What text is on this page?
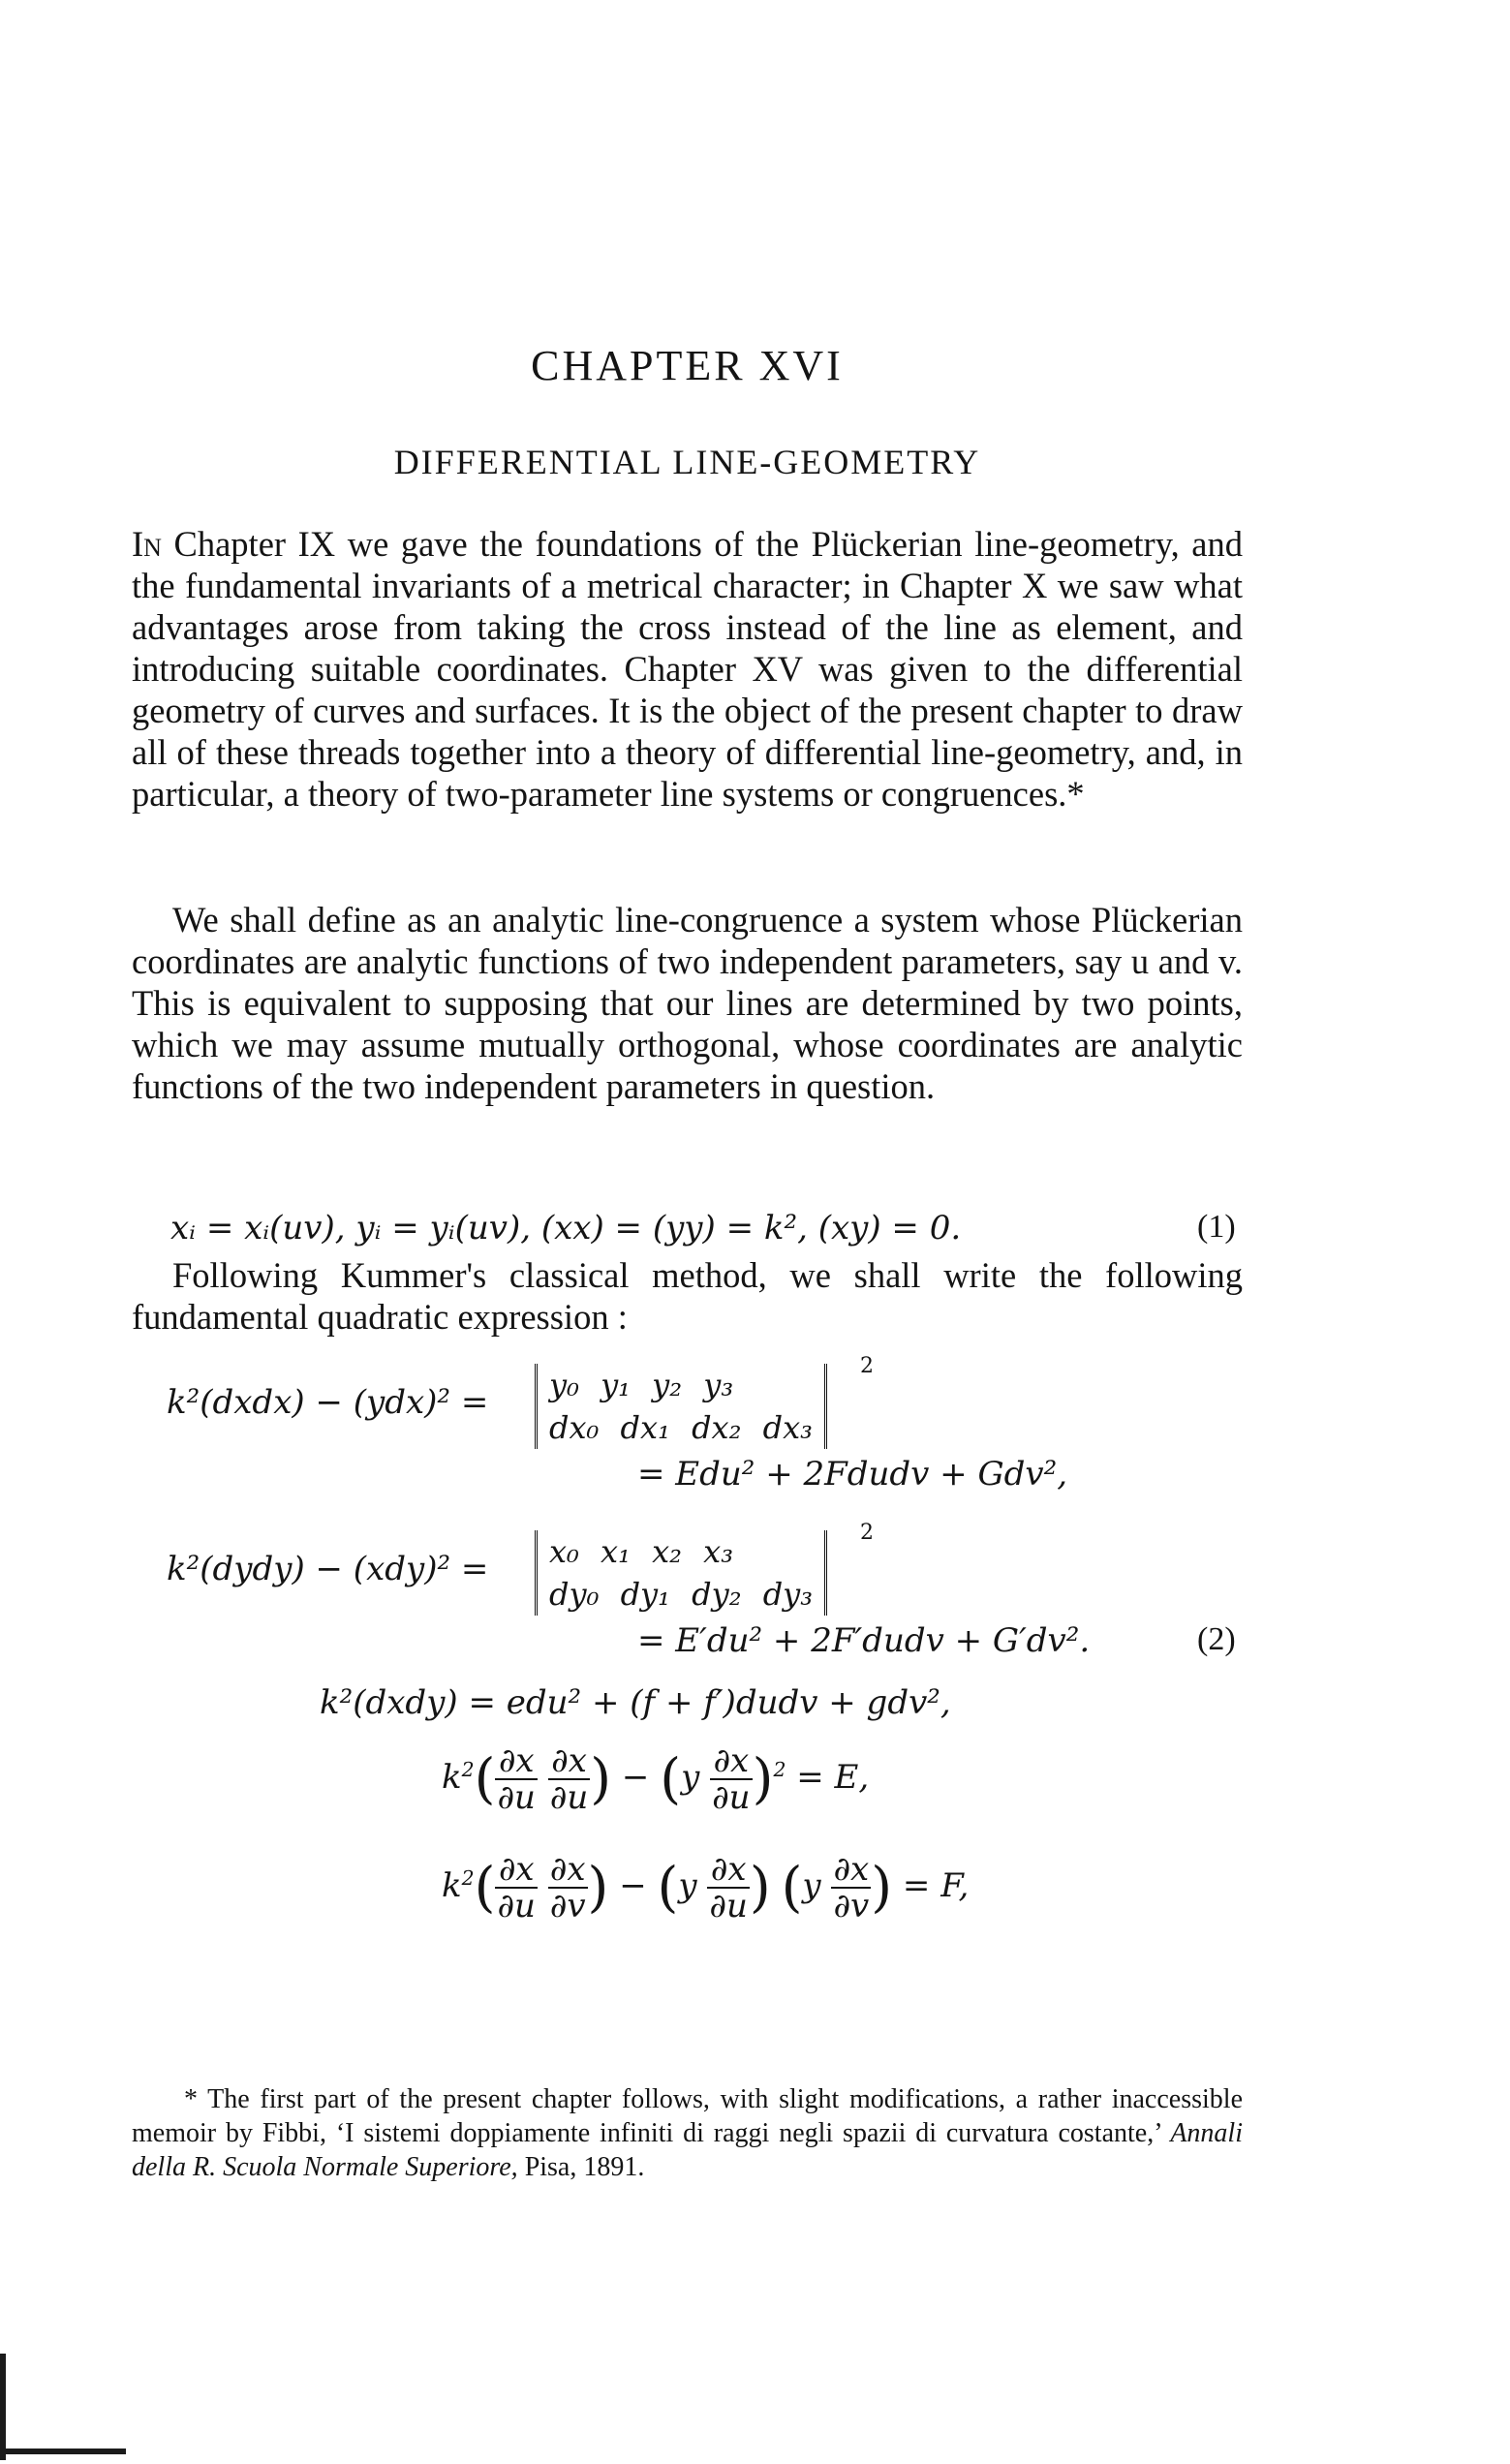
CHAPTER XVI
DIFFERENTIAL LINE-GEOMETRY

In Chapter IX we gave the foundations of the Plückerian line-geometry, and the fundamental invariants of a metrical character; in Chapter X we saw what advantages arose from taking the cross instead of the line as element, and introducing suitable coordinates. Chapter XV was given to the differential geometry of curves and surfaces. It is the object of the present chapter to draw all of these threads together into a theory of differential line-geometry, and, in particular, a theory of two-parameter line systems or congruences.*

We shall define as an analytic line-congruence a system whose Plückerian coordinates are analytic functions of two independent parameters, say u and v. This is equivalent to supposing that our lines are determined by two points, which we may assume mutually orthogonal, whose coordinates are analytic functions of the two independent parameters in question.

xᵢ = xᵢ(uv), yᵢ = yᵢ(uv), (xx) = (yy) = k², (xy) = 0.	(1)

Following Kummer's classical method, we shall write the following fundamental quadratic expression :

k²(dxdx) − (ydx)² = y₀ y₁ y₂ y₃
dx₀ dx₁ dx₂ dx₃
2
= Edu² + 2Fdudv + Gdv²,
k²(dydy) − (xdy)² = x₀ x₁ x₂ x₃
dy₀ dy₁ dy₂ dy₃
2
= E′du² + 2F′dudv + G′dv².	(2)
k²(dxdy) = edu² + (f + f′)dudv + gdv²,
$k^2( \frac{\partial x}{\partial u}$
$\frac{\partial x}{\partial u}$ ) − $(y \frac{\partial x}{\partial u} )^2 = E$,
$k^2( \frac{\partial x}{\partial u}$
$\frac{\partial x}{\partial v}$ ) − ($y \frac{\partial x}{\partial u}$ ) ($y \frac{\partial x}{\partial v}$ ) = F,
* The first part of the present chapter follows, with slight modifications, a rather inaccessible memoir by Fibbi, ‘I sistemi doppiamente infiniti di raggi negli spazii di curvatura costante,’ Annali della R. Scuola Normale Superiore, Pisa, 1891.
